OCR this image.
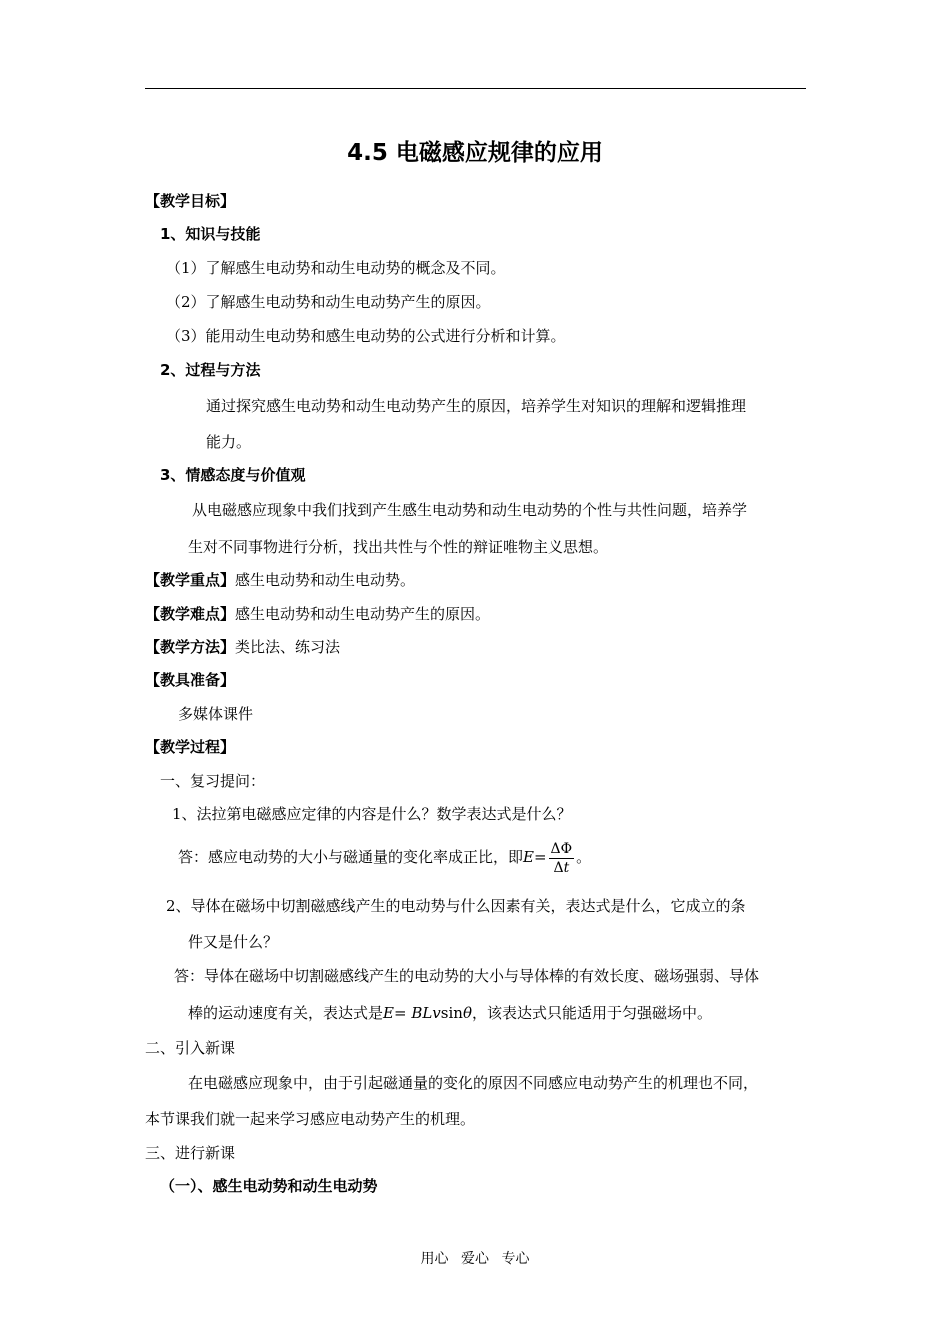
4.5 电磁感应规律的应用
【教学目标】
1、知识与技能
（1）了解感生电动势和动生电动势的概念及不同。
（2）了解感生电动势和动生电动势产生的原因。
（3）能用动生电动势和感生电动势的公式进行分析和计算。
2、过程与方法
通过探究感生电动势和动生电动势产生的原因，培养学生对知识的理解和逻辑推理
能力。
3、情感态度与价值观
从电磁感应现象中我们找到产生感生电动势和动生电动势的个性与共性问题，培养学
生对不同事物进行分析，找出共性与个性的辩证唯物主义思想。
【教学重点】感生电动势和动生电动势。
【教学难点】感生电动势和动生电动势产生的原因。
【教学方法】类比法、练习法
【教具准备】
多媒体课件
【教学过程】
一、复习提问：
1、法拉第电磁感应定律的内容是什么？数学表达式是什么？
答：感应电动势的大小与磁通量的变化率成正比，即$E= \frac{\Delta\Phi}{\Delta t}$ 。
2、导体在磁场中切割磁感线产生的电动势与什么因素有关，表达式是什么，它成立的条
件又是什么？
答：导体在磁场中切割磁感线产生的电动势的大小与导体棒的有效长度、磁场强弱、导体
棒的运动速度有关，表达式是E= BLvsinθ，该表达式只能适用于匀强磁场中。
二、引入新课
在电磁感应现象中，由于引起磁通量的变化的原因不同感应电动势产生的机理也不同，
本节课我们就一起来学习感应电动势产生的机理。
三、进行新课
（一）、感生电动势和动生电动势
用心 爱心 专心
